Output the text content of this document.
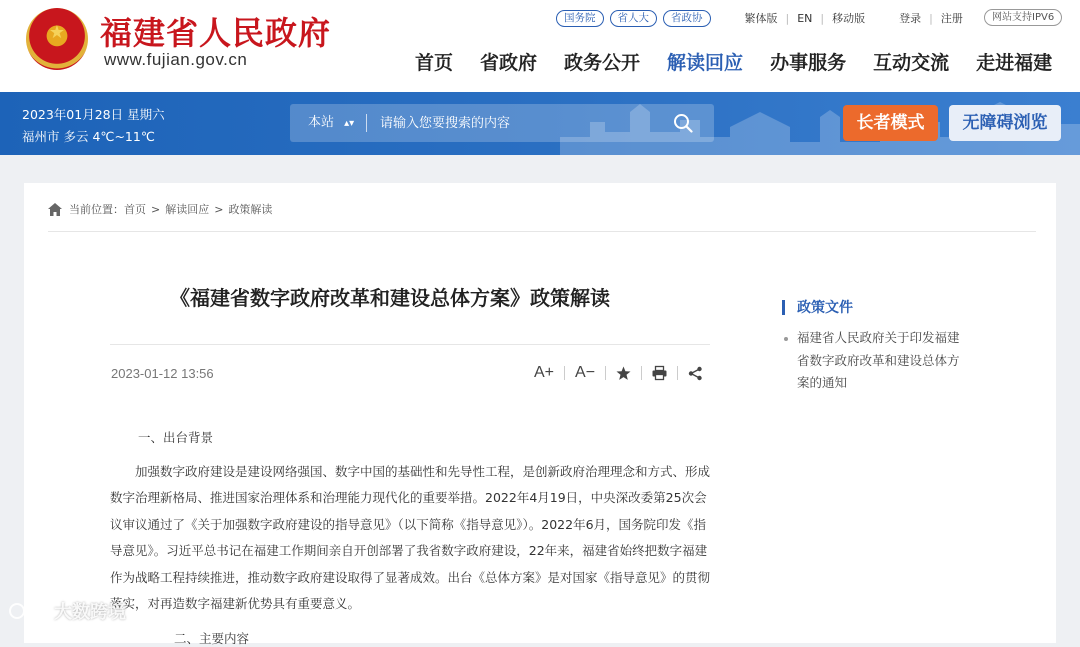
★	福建省人民政府
www.fujian.gov.cn
国务院	省人大	省政协	繁体版 | EN | 移动版	登录 | 注册	网站支持IPV6
首页 省政府 政务公开 解读回应 办事服务 互动交流 走进福建
2023年01月28日 星期六
福州市 多云 4℃~11℃
本站 ▴▾
请输入您要搜索的内容	长者模式	无障碍浏览
当前位置： 首页 > 解读回应 > 政策解读
《福建省数字政府改革和建设总体方案》政策解读
2023-01-12 13:56	A+	A−
一、出台背景
加强数字政府建设是建设网络强国、数字中国的基础性和先导性工程，是创新政府治理理念和方式、形成数字治理新格局、推进国家治理体系和治理能力现代化的重要举措。2022年4月19日，中央深改委第25次会议审议通过了《关于加强数字政府建设的指导意见》（以下简称《指导意见》）。2022年6月，国务院印发《指导意见》。习近平总书记在福建工作期间亲自开创部署了我省数字政府建设，22年来，福建省始终把数字福建作为战略工程持续推进，推动数字政府建设取得了显著成效。出台《总体方案》是对国家《指导意见》的贯彻落实，对再造数字福建新优势具有重要意义。
政策文件
福建省人民政府关于印发福建省数字政府改革和建设总体方案的通知
二、主要内容
大数跨境
